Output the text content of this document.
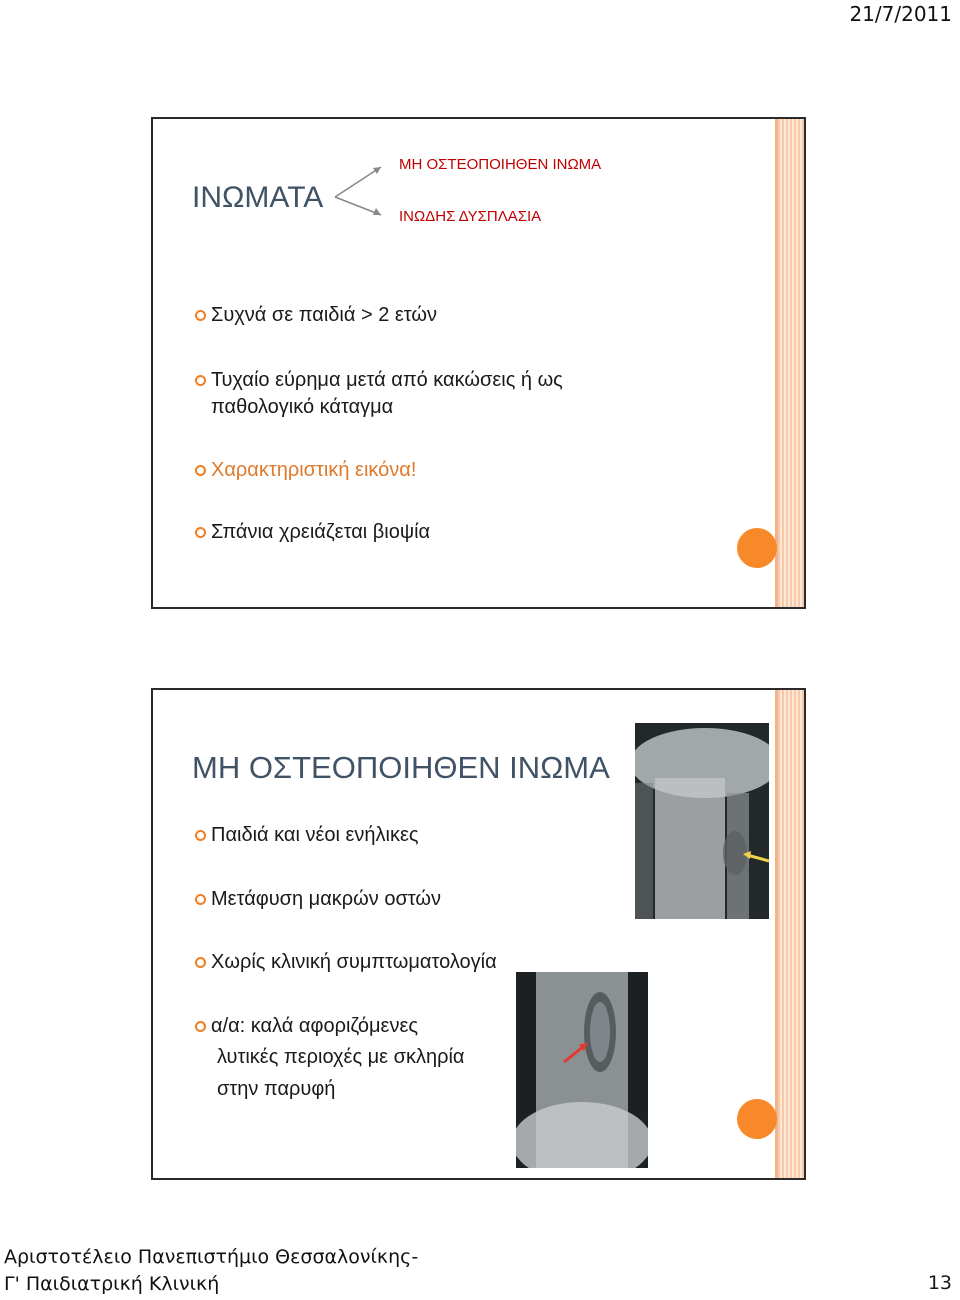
21/7/2011
ΙΝΩΜΑΤΑ
ΜΗ ΟΣΤΕΟΠΟΙΗΘΕΝ ΙΝΩΜΑ
ΙΝΩΔΗΣ ΔΥΣΠΛΑΣΙΑ
Συχνά σε παιδιά > 2 ετών
Τυχαίο εύρημα μετά από κακώσεις ή ως παθολογικό κάταγμα
Χαρακτηριστική εικόνα!
Σπάνια χρειάζεται βιοψία
ΜΗ ΟΣΤΕΟΠΟΙΗΘΕΝ ΙΝΩΜΑ
Παιδιά και νέοι ενήλικες
Μετάφυση μακρών οστών
Χωρίς κλινική συμπτωματολογία
α/α: καλά αφοριζόμενες
λυτικές περιοχές με σκληρία
στην παρυφή
Αριστοτέλειο Πανεπιστήμιο Θεσσαλονίκης-
Γ' Παιδιατρική Κλινική	13
